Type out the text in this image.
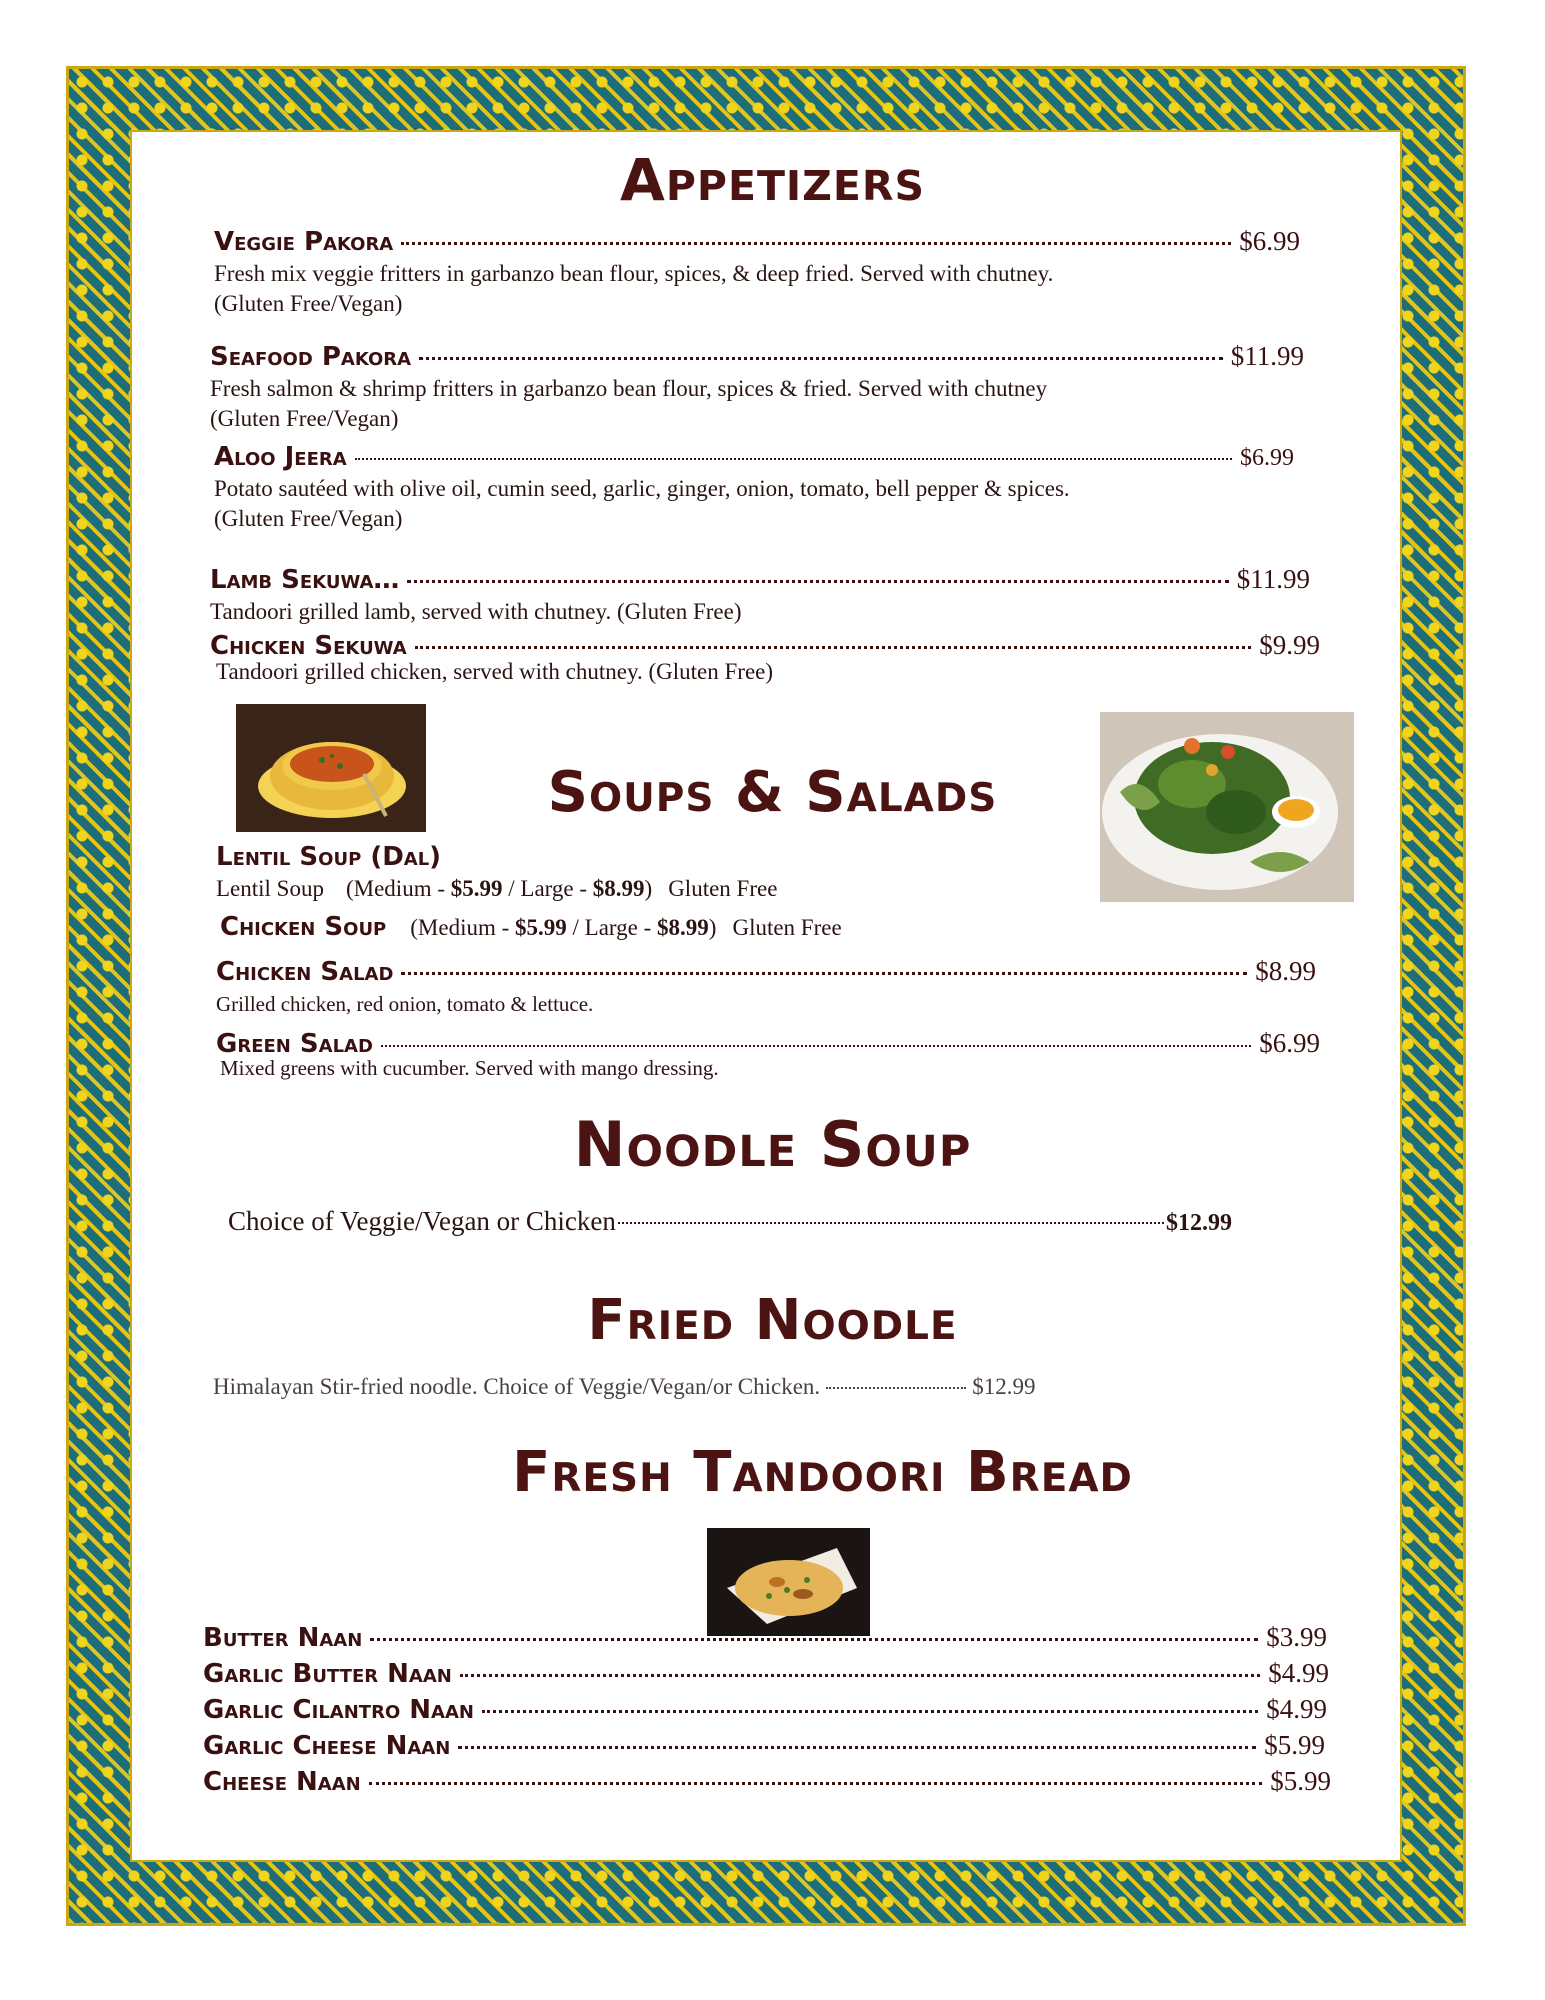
Appetizers
Veggie Pakora	$6.99
Fresh mix veggie fritters in garbanzo bean flour, spices, & deep fried. Served with chutney.
(Gluten Free/Vegan)
Seafood Pakora	$11.99
Fresh salmon & shrimp fritters in garbanzo bean flour, spices & fried. Served with chutney
(Gluten Free/Vegan)
Aloo Jeera	$6.99
Potato sautéed with olive oil, cumin seed, garlic, ginger, onion, tomato, bell pepper & spices.
(Gluten Free/Vegan)
Lamb Sekuwa…	$11.99
Tandoori grilled lamb, served with chutney. (Gluten Free)
Chicken Sekuwa	$9.99
Tandoori grilled chicken, served with chutney. (Gluten Free)
Soups & Salads
Lentil Soup (Dal)
Lentil Soup (Medium - $5.99 / Large - $8.99) Gluten Free
Chicken Soup (Medium - $5.99 / Large - $8.99) Gluten Free
Chicken Salad	$8.99
Grilled chicken, red onion, tomato & lettuce.
Green Salad	$6.99
Mixed greens with cucumber. Served with mango dressing.
Noodle Soup
Choice of Veggie/Vegan or Chicken	$12.99
Fried Noodle
Himalayan Stir-fried noodle. Choice of Veggie/Vegan/or Chicken.	$12.99
Fresh Tandoori Bread
Butter Naan	$3.99
Garlic Butter Naan	$4.99
Garlic Cilantro Naan	$4.99
Garlic Cheese Naan	$5.99
Cheese Naan	$5.99
